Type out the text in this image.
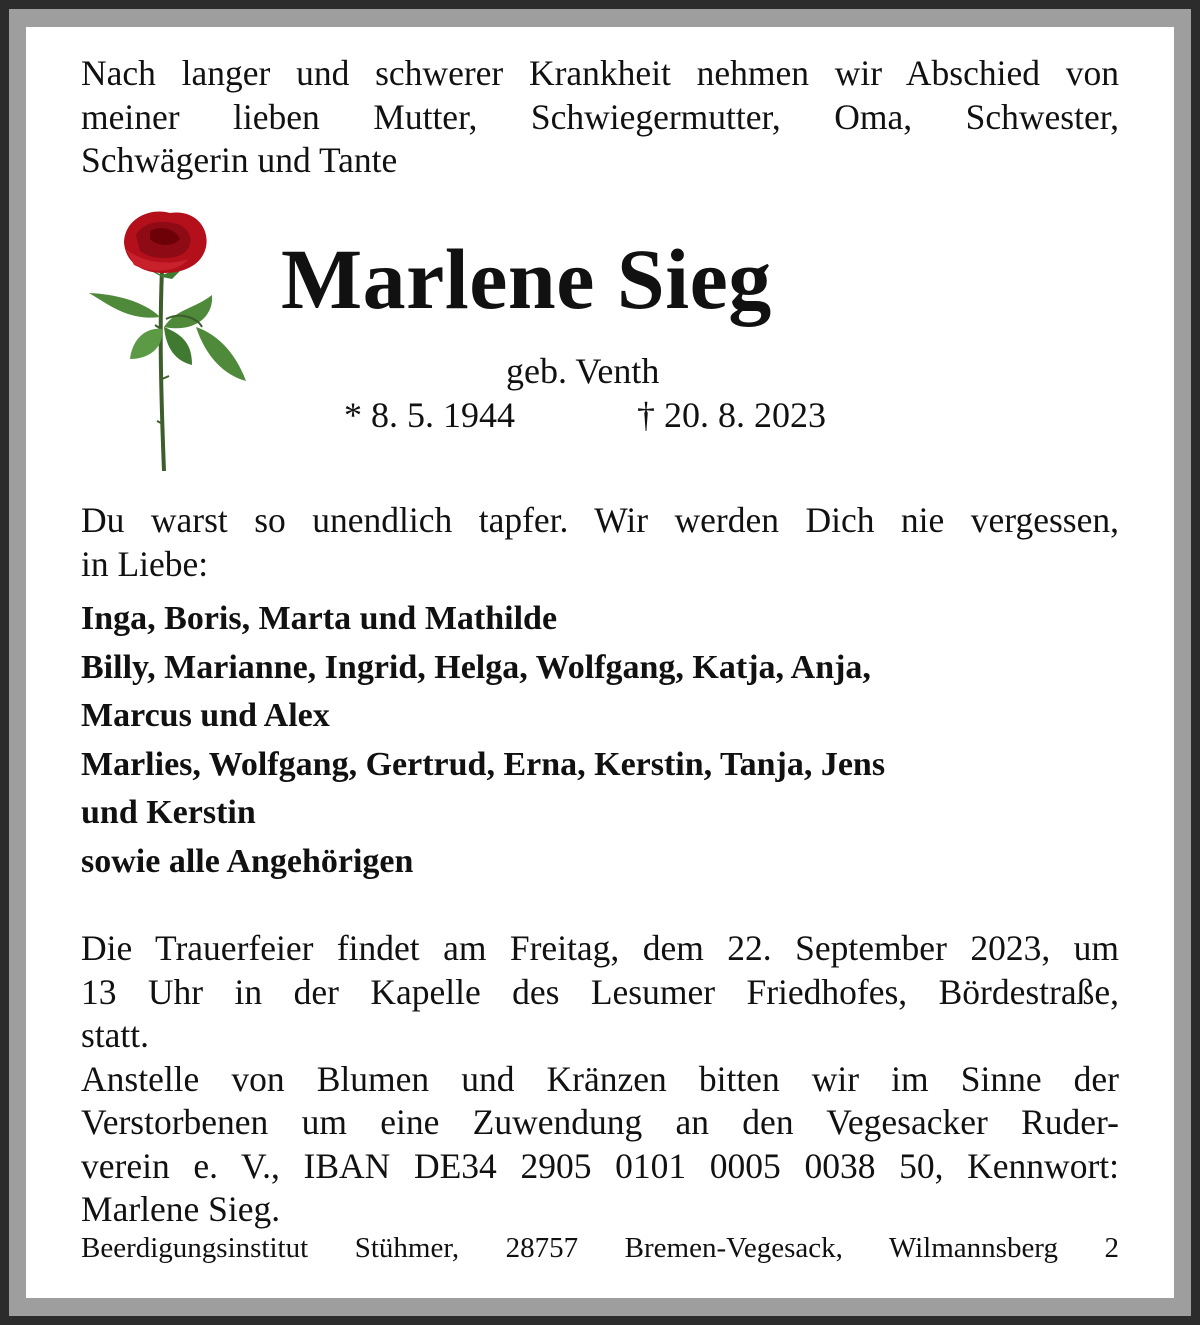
Nach langer und schwerer Krankheit nehmen wir Abschied von
meiner lieben Mutter, Schwiegermutter, Oma, Schwester,
Schwägerin und Tante
Marlene Sieg
geb. Venth
* 8. 5. 1944	† 20. 8. 2023
Du warst so unendlich tapfer. Wir werden Dich nie vergessen,
in Liebe:
Inga, Boris, Marta und Mathilde
Billy, Marianne, Ingrid, Helga, Wolfgang, Katja, Anja,
Marcus und Alex
Marlies, Wolfgang, Gertrud, Erna, Kerstin, Tanja, Jens
und Kerstin
sowie alle Angehörigen
Die Trauerfeier findet am Freitag, dem 22. September 2023, um
13 Uhr in der Kapelle des Lesumer Friedhofes, Bördestraße,
statt.
Anstelle von Blumen und Kränzen bitten wir im Sinne der
Verstorbenen um eine Zuwendung an den Vegesacker Ruder-
verein e. V., IBAN DE34 2905 0101 0005 0038 50, Kennwort:
Marlene Sieg.
Beerdigungsinstitut Stühmer, 28757 Bremen-Vegesack, Wilmannsberg 2
